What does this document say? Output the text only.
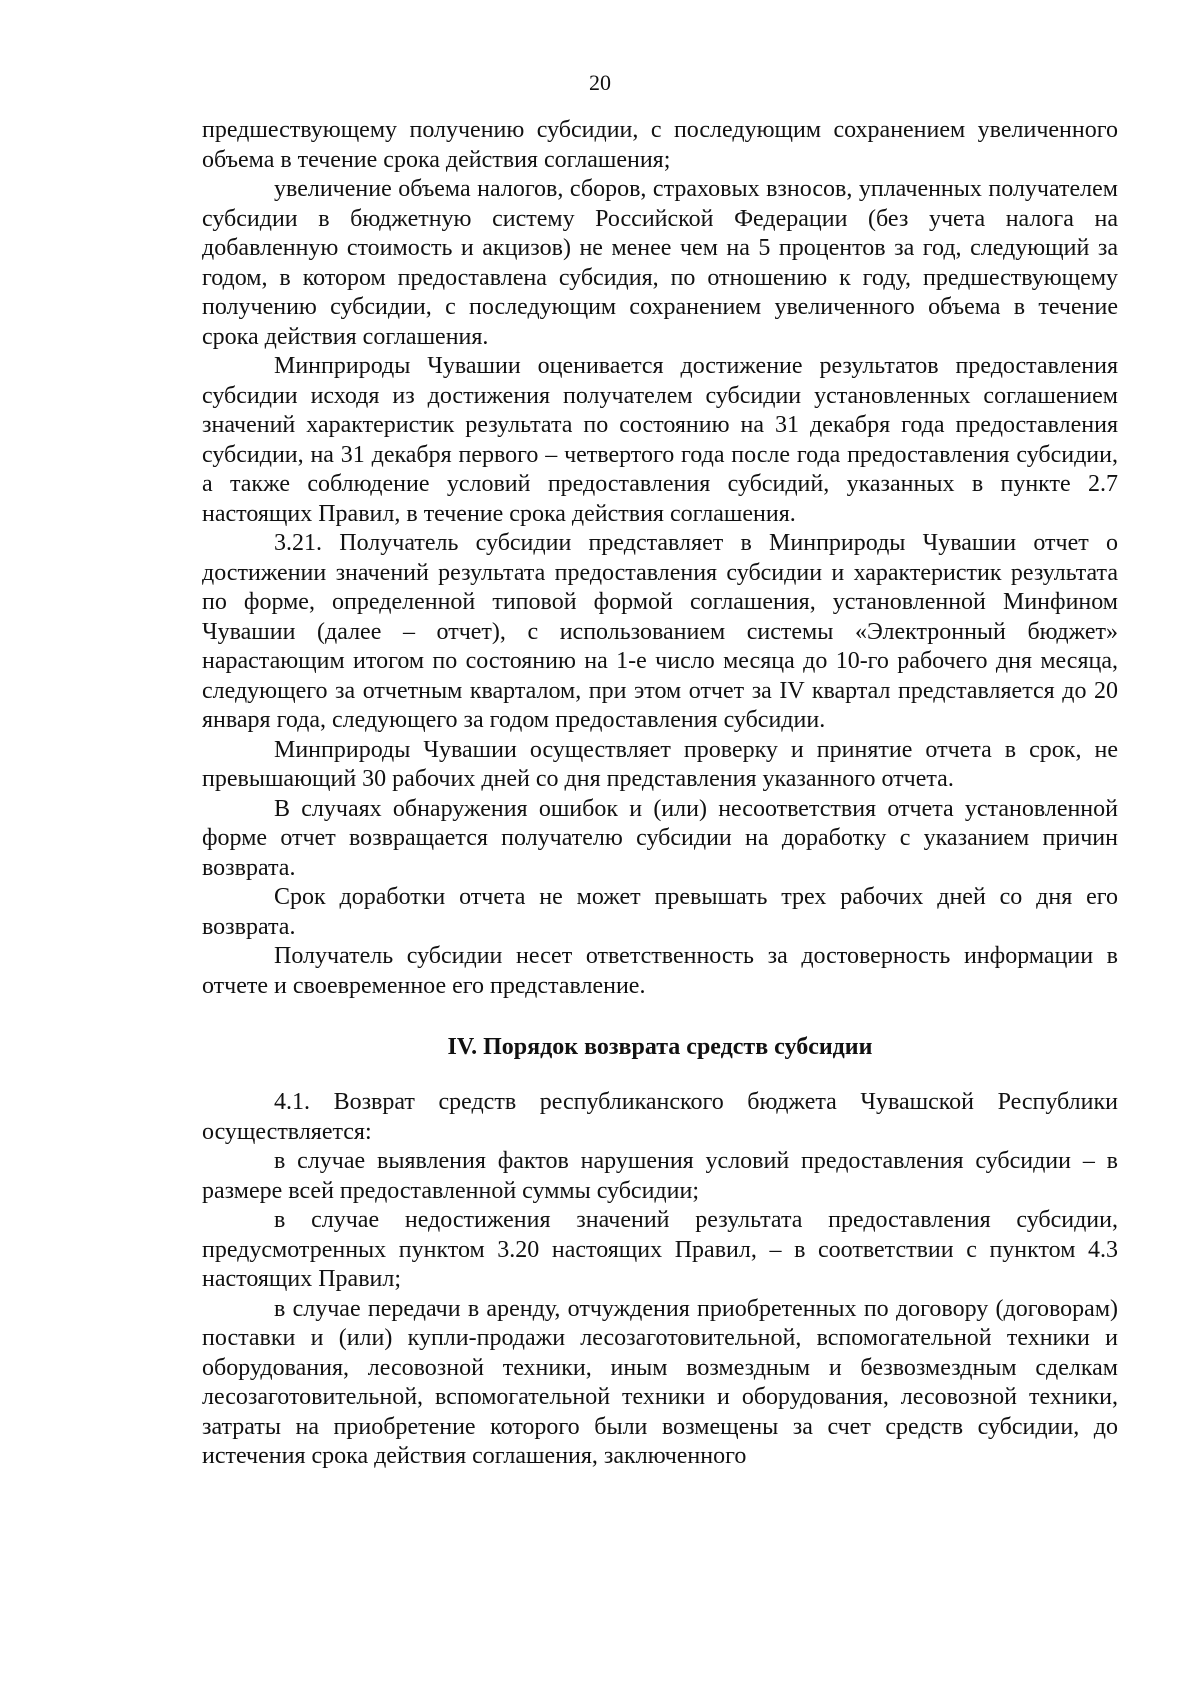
20

предшествующему получению субсидии, с последующим сохранением увеличенного объема в течение срока действия соглашения;

увеличение объема налогов, сборов, страховых взносов, уплаченных получателем субсидии в бюджетную систему Российской Федерации (без учета налога на добавленную стоимость и акцизов) не менее чем на 5 процентов за год, следующий за годом, в котором предоставлена субсидия, по отношению к году, предшествующему получению субсидии, с последующим сохранением увеличенного объема в течение срока действия соглашения.

Минприроды Чувашии оценивается достижение результатов предоставления субсидии исходя из достижения получателем субсидии установленных соглашением значений характеристик результата по состоянию на 31 декабря года предоставления субсидии, на 31 декабря первого – четвертого года после года предоставления субсидии, а также соблюдение условий предоставления субсидий, указанных в пункте 2.7 настоящих Правил, в течение срока действия соглашения.

3.21. Получатель субсидии представляет в Минприроды Чувашии отчет о достижении значений результата предоставления субсидии и характеристик результата по форме, определенной типовой формой соглашения, установленной Минфином Чувашии (далее – отчет), с использованием системы «Электронный бюджет» нарастающим итогом по состоянию на 1-е число месяца до 10-го рабочего дня месяца, следующего за отчетным кварталом, при этом отчет за IV квартал представляется до 20 января года, следующего за годом предоставления субсидии.

Минприроды Чувашии осуществляет проверку и принятие отчета в срок, не превышающий 30 рабочих дней со дня представления указанного отчета.

В случаях обнаружения ошибок и (или) несоответствия отчета установленной форме отчет возвращается получателю субсидии на доработку с указанием причин возврата.

Срок доработки отчета не может превышать трех рабочих дней со дня его возврата.

Получатель субсидии несет ответственность за достоверность информации в отчете и своевременное его представление.

IV. Порядок возврата средств субсидии

4.1. Возврат средств республиканского бюджета Чувашской Республики осуществляется:

в случае выявления фактов нарушения условий предоставления субсидии – в размере всей предоставленной суммы субсидии;

в случае недостижения значений результата предоставления субсидии, предусмотренных пунктом 3.20 настоящих Правил, – в соответствии с пунктом 4.3 настоящих Правил;

в случае передачи в аренду, отчуждения приобретенных по договору (договорам) поставки и (или) купли-продажи лесозаготовительной, вспомогательной техники и оборудования, лесовозной техники, иным возмездным и безвозмездным сделкам лесозаготовительной, вспомогательной техники и оборудования, лесовозной техники, затраты на приобретение которого были возмещены за счет средств субсидии, до истечения срока действия соглашения, заключенного
